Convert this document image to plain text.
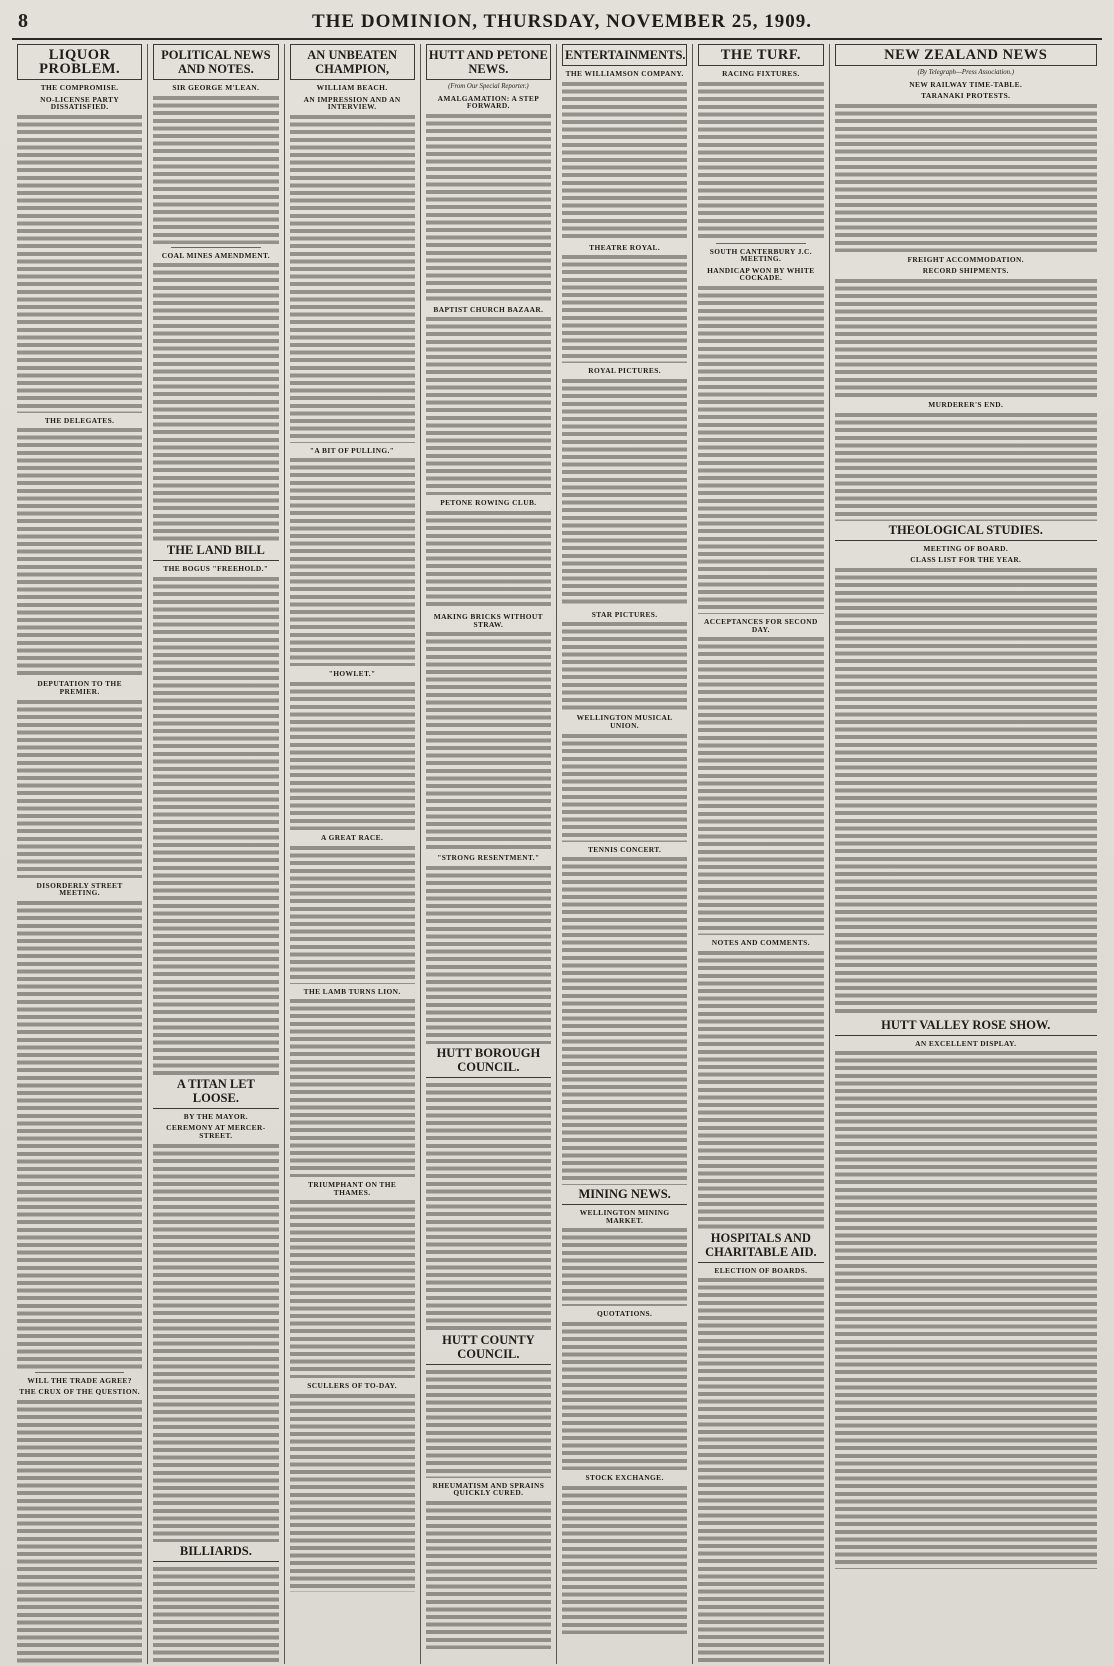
8	THE DOMINION, THURSDAY, NOVEMBER 25, 1909.
LIQUOR PROBLEM.
THE COMPROMISE.
NO-LICENSE PARTY DISSATISFIED.
THE DELEGATES.
DEPUTATION TO THE PREMIER.
DISORDERLY STREET MEETING.
WILL THE TRADE AGREE?
THE CRUX OF THE QUESTION.
POLITICAL NEWS AND NOTES.
SIR GEORGE M'LEAN.
COAL MINES AMENDMENT.
THE LAND BILL
THE BOGUS "FREEHOLD."
A TITAN LET LOOSE.
BY THE MAYOR.
CEREMONY AT MERCER-STREET.
BILLIARDS.
AN UNBEATEN CHAMPION,
WILLIAM BEACH.
AN IMPRESSION AND AN INTERVIEW.
"A BIT OF PULLING."
"HOWLET."
A GREAT RACE.
THE LAMB TURNS LION.
TRIUMPHANT ON THE THAMES.
SCULLERS OF TO-DAY.
HUTT AND PETONE NEWS.
(From Our Special Reporter.)
AMALGAMATION: A STEP FORWARD.
BAPTIST CHURCH BAZAAR.
PETONE ROWING CLUB.
MAKING BRICKS WITHOUT STRAW.
"STRONG RESENTMENT."
HUTT BOROUGH COUNCIL.
HUTT COUNTY COUNCIL.
RHEUMATISM AND SPRAINS QUICKLY CURED.
ENTERTAINMENTS.
THE WILLIAMSON COMPANY.
THEATRE ROYAL.
ROYAL PICTURES.
STAR PICTURES.
WELLINGTON MUSICAL UNION.
TENNIS CONCERT.
MINING NEWS.
WELLINGTON MINING MARKET.
QUOTATIONS.
STOCK EXCHANGE.
THE TURF.
RACING FIXTURES.
SOUTH CANTERBURY J.C. MEETING.
HANDICAP WON BY WHITE COCKADE.
ACCEPTANCES FOR SECOND DAY.
NOTES AND COMMENTS.
HOSPITALS AND CHARITABLE AID.
ELECTION OF BOARDS.
NEW ZEALAND NEWS
(By Telegraph—Press Association.)
NEW RAILWAY TIME-TABLE.
TARANAKI PROTESTS.
FREIGHT ACCOMMODATION.
RECORD SHIPMENTS.
MURDERER'S END.
THEOLOGICAL STUDIES.
MEETING OF BOARD.
CLASS LIST FOR THE YEAR.
HUTT VALLEY ROSE SHOW.
AN EXCELLENT DISPLAY.
